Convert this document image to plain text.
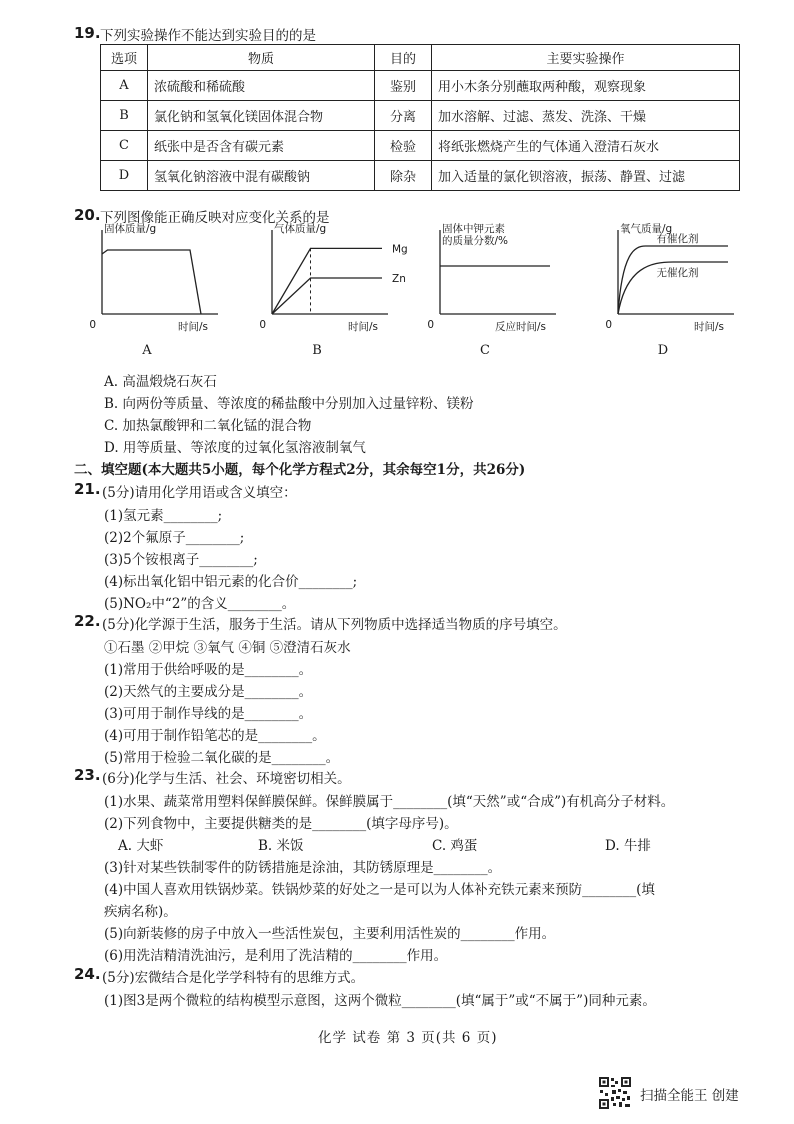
19. 下列实验操作不能达到实验目的的是
选项	物质	目的	主要实验操作
A	浓硫酸和稀硫酸	鉴别	用小木条分别蘸取两种酸，观察现象
B	氯化钠和氢氧化镁固体混合物	分离	加水溶解、过滤、蒸发、洗涤、干燥
C	纸张中是否含有碳元素	检验	将纸张燃烧产生的气体通入澄清石灰水
D	氢氧化钠溶液中混有碳酸钠	除杂	加入适量的氯化钡溶液，振荡、静置、过滤
20. 下列图像能正确反映对应变化关系的是
固体质量/g
时间/s
0
A
气体质量/g
时间/s
0
B
Mg
Zn
固体中钾元素
的质量分数/%
反应时间/s
0
C
氧气质量/g
时间/s
0
D
有催化剂
无催化剂
A. 高温煅烧石灰石
B. 向两份等质量、等浓度的稀盐酸中分别加入过量锌粉、镁粉
C. 加热氯酸钾和二氧化锰的混合物
D. 用等质量、等浓度的过氧化氢溶液制氧气
二、填空题(本大题共5小题，每个化学方程式2分，其余每空1分，共26分)
21. (5分)请用化学用语或含义填空：
(1)氢元素________;
(2)2个氟原子________;
(3)5个铵根离子________;
(4)标出氧化铝中铝元素的化合价________;
(5)NO₂中“2”的含义________。
22. (5分)化学源于生活，服务于生活。请从下列物质中选择适当物质的序号填空。
①石墨 ②甲烷 ③氧气 ④铜 ⑤澄清石灰水
(1)常用于供给呼吸的是________。
(2)天然气的主要成分是________。
(3)可用于制作导线的是________。
(4)可用于制作铅笔芯的是________。
(5)常用于检验二氧化碳的是________。
23. (6分)化学与生活、社会、环境密切相关。
(1)水果、蔬菜常用塑料保鲜膜保鲜。保鲜膜属于________(填“天然”或“合成”)有机高分子材料。
(2)下列食物中，主要提供糖类的是________(填字母序号)。
A. 大虾	B. 米饭	C. 鸡蛋	D. 牛排
(3)针对某些铁制零件的防锈措施是涂油，其防锈原理是________。
(4)中国人喜欢用铁锅炒菜。铁锅炒菜的好处之一是可以为人体补充铁元素来预防________(填
疾病名称)。
(5)向新装修的房子中放入一些活性炭包，主要利用活性炭的________作用。
(6)用洗洁精清洗油污，是利用了洗洁精的________作用。
24. (5分)宏微结合是化学学科特有的思维方式。
(1)图3是两个微粒的结构模型示意图，这两个微粒________(填“属于”或“不属于”)同种元素。
化学 试卷 第 3 页(共 6 页)
扫描全能王 创建
